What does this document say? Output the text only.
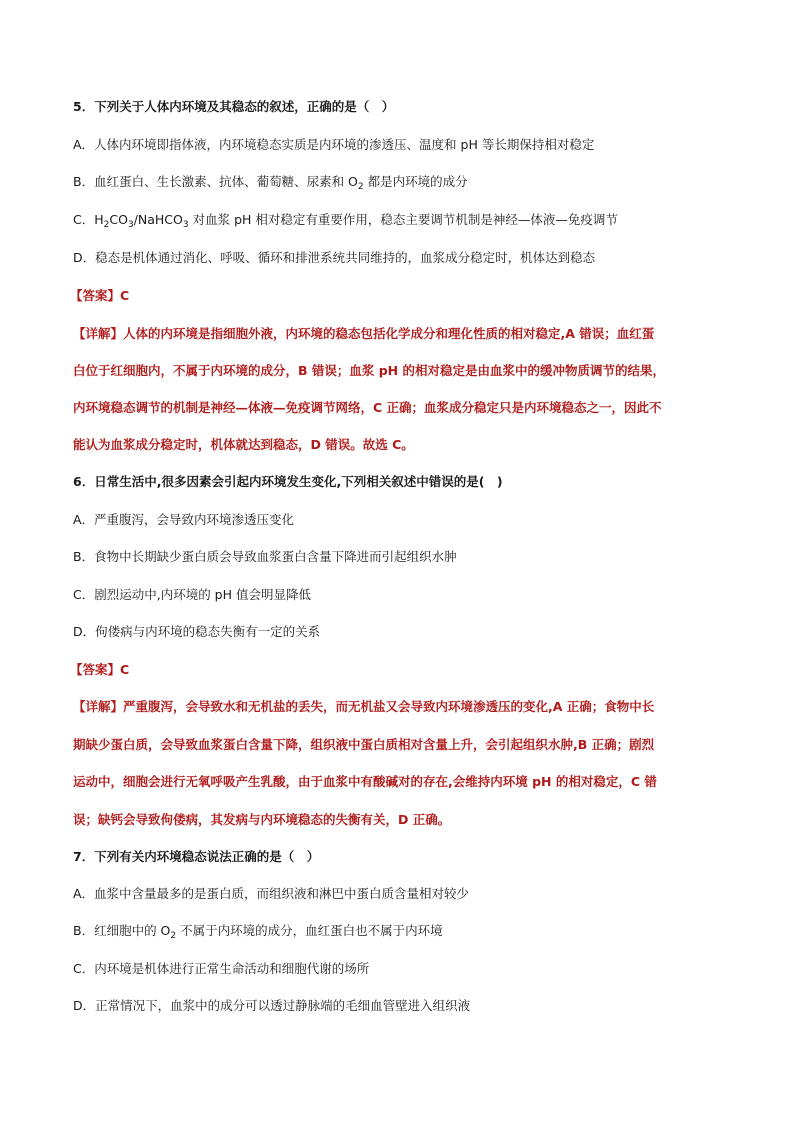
5．下列关于人体内环境及其稳态的叙述，正确的是（　）
A．人体内环境即指体液，内环境稳态实质是内环境的渗透压、温度和 pH 等长期保持相对稳定
B．血红蛋白、生长激素、抗体、葡萄糖、尿素和 $O_2$ 都是内环境的成分
C．$H_2CO_3/NaHCO_3$ 对血浆 pH 相对稳定有重要作用，稳态主要调节机制是神经—体液—免疫调节
D．稳态是机体通过消化、呼吸、循环和排泄系统共同维持的，血浆成分稳定时，机体达到稳态
【答案】C
【详解】人体的内环境是指细胞外液，内环境的稳态包括化学成分和理化性质的相对稳定,A 错误；血红蛋
白位于红细胞内，不属于内环境的成分，B 错误；血浆 pH 的相对稳定是由血浆中的缓冲物质调节的结果，
内环境稳态调节的机制是神经—体液—免疫调节网络，C 正确；血浆成分稳定只是内环境稳态之一，因此不
能认为血浆成分稳定时，机体就达到稳态，D 错误。故选 C。
6．日常生活中,很多因素会引起内环境发生变化,下列相关叙述中错误的是(　)
A．严重腹泻，会导致内环境渗透压变化
B．食物中长期缺少蛋白质会导致血浆蛋白含量下降进而引起组织水肿
C．剧烈运动中,内环境的 pH 值会明显降低
D．佝偻病与内环境的稳态失衡有一定的关系
【答案】C
【详解】严重腹泻，会导致水和无机盐的丢失，而无机盐又会导致内环境渗透压的变化,A 正确；食物中长
期缺少蛋白质，会导致血浆蛋白含量下降，组织液中蛋白质相对含量上升，会引起组织水肿,B 正确；剧烈
运动中，细胞会进行无氧呼吸产生乳酸，由于血浆中有酸碱对的存在,会维持内环境 pH 的相对稳定，C 错
误；缺钙会导致佝偻病，其发病与内环境稳态的失衡有关，D 正确。
7．下列有关内环境稳态说法正确的是（　）
A．血浆中含量最多的是蛋白质，而组织液和淋巴中蛋白质含量相对较少
B．红细胞中的 $O_2$ 不属于内环境的成分，血红蛋白也不属于内环境
C．内环境是机体进行正常生命活动和细胞代谢的场所
D．正常情况下，血浆中的成分可以透过静脉端的毛细血管壁进入组织液
